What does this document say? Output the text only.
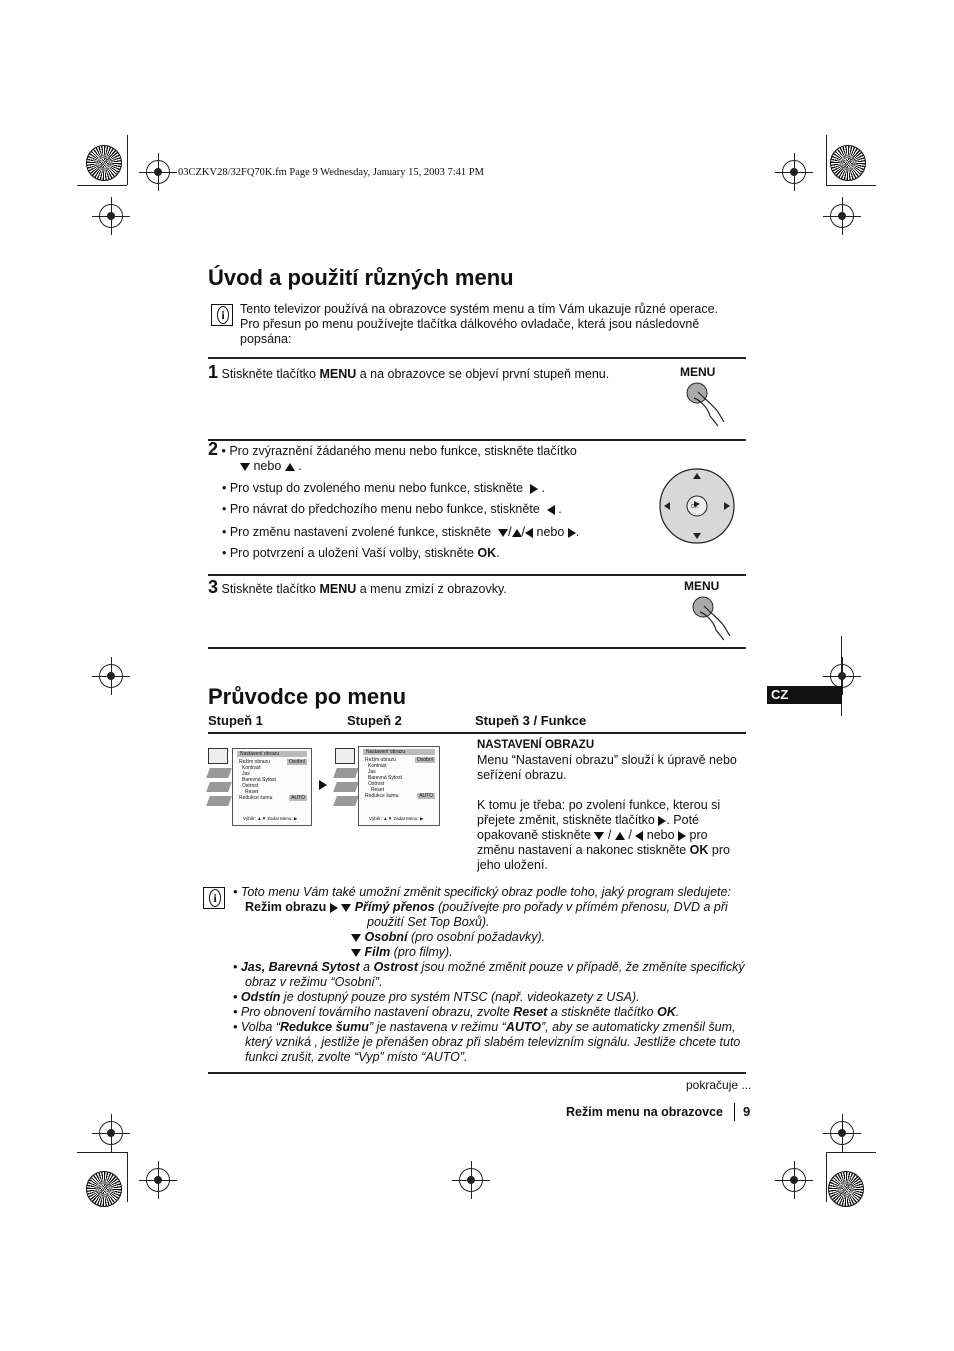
03CZKV28/32FQ70K.fm Page 9 Wednesday, January 15, 2003 7:41 PM
Úvod a použití různých menu
i	Tento televizor používá na obrazovce systém menu a tím Vám ukazuje různé operace. Pro přesun po menu používejte tlačítka dálkového ovladače, která jsou následovně popsána:
1 Stiskněte tlačítko MENU a na obrazovce se objeví první stupeň menu.	MENU
2 • Pro zvýraznění žádaného menu nebo funkce, stiskněte tlačítko
nebo  .
• Pro vstup do zvoleného menu nebo funkce, stiskněte   .
• Pro návrat do předchozího menu nebo funkce, stiskněte   .
• Pro změnu nastavení zvolené funkce, stiskněte / / nebo .
• Pro potvrzení a uložení Vaší volby, stiskněte OK.
OK
3 Stiskněte tlačítko MENU a menu zmizí z obrazovky.	MENU
Průvodce po menu	CZ
Stupeň 1	Stupeň 2	Stupeň 3 / Funkce
Nastavení obrazu
Režim obrazu	Osobní
Kontrast
Jas
Barevná Sytost
Ostrost
Reset
Redukce šumu	AUTO
Výběr: ▲▼ Zadat Menu: ▶
Nastavení obrazu
Režim obrazu	Osobní
Kontrast
Jas
Barevná Sytost
Ostrost
Reset
Redukce šumu	AUTO
Výběr: ▲▼ Zadat Menu: ▶
NASTAVENÍ OBRAZU
Menu “Nastavení obrazu” slouží k úpravě nebo seřízení obrazu.
K tomu je třeba: po zvolení funkce, kterou si přejete změnit, stiskněte tlačítko . Poté opakovaně stiskněte  /  /  nebo  pro změnu nastavení a nakonec stiskněte OK pro jeho uložení.
i	• Toto menu Vám také umožní změnit specifický obraz podle toho, jaký program sledujete:
Režim obrazu Přímý přenos (používejte pro pořady v přímém přenosu, DVD a při
použití Set Top Boxů).
Osobní (pro osobní požadavky).
Film (pro filmy).
• Jas, Barevná Sytost a Ostrost jsou možné změnit pouze v případě, že změníte specifický
obraz v režimu “Osobní”.
• Odstín je dostupný pouze pro systém NTSC (např. videokazety z USA).
• Pro obnovení továrního nastavení obrazu, zvolte Reset a stiskněte tlačítko OK.
• Volba “Redukce šumu” je nastavena v režimu “AUTO”, aby se automaticky zmenšil šum,
který vzniká , jestliže je přenášen obraz při slabém televizním signálu. Jestliže chcete tuto
funkci zrušit, zvolte “Vyp” místo “AUTO”.
pokračuje ...
Režim menu na obrazovce 9
